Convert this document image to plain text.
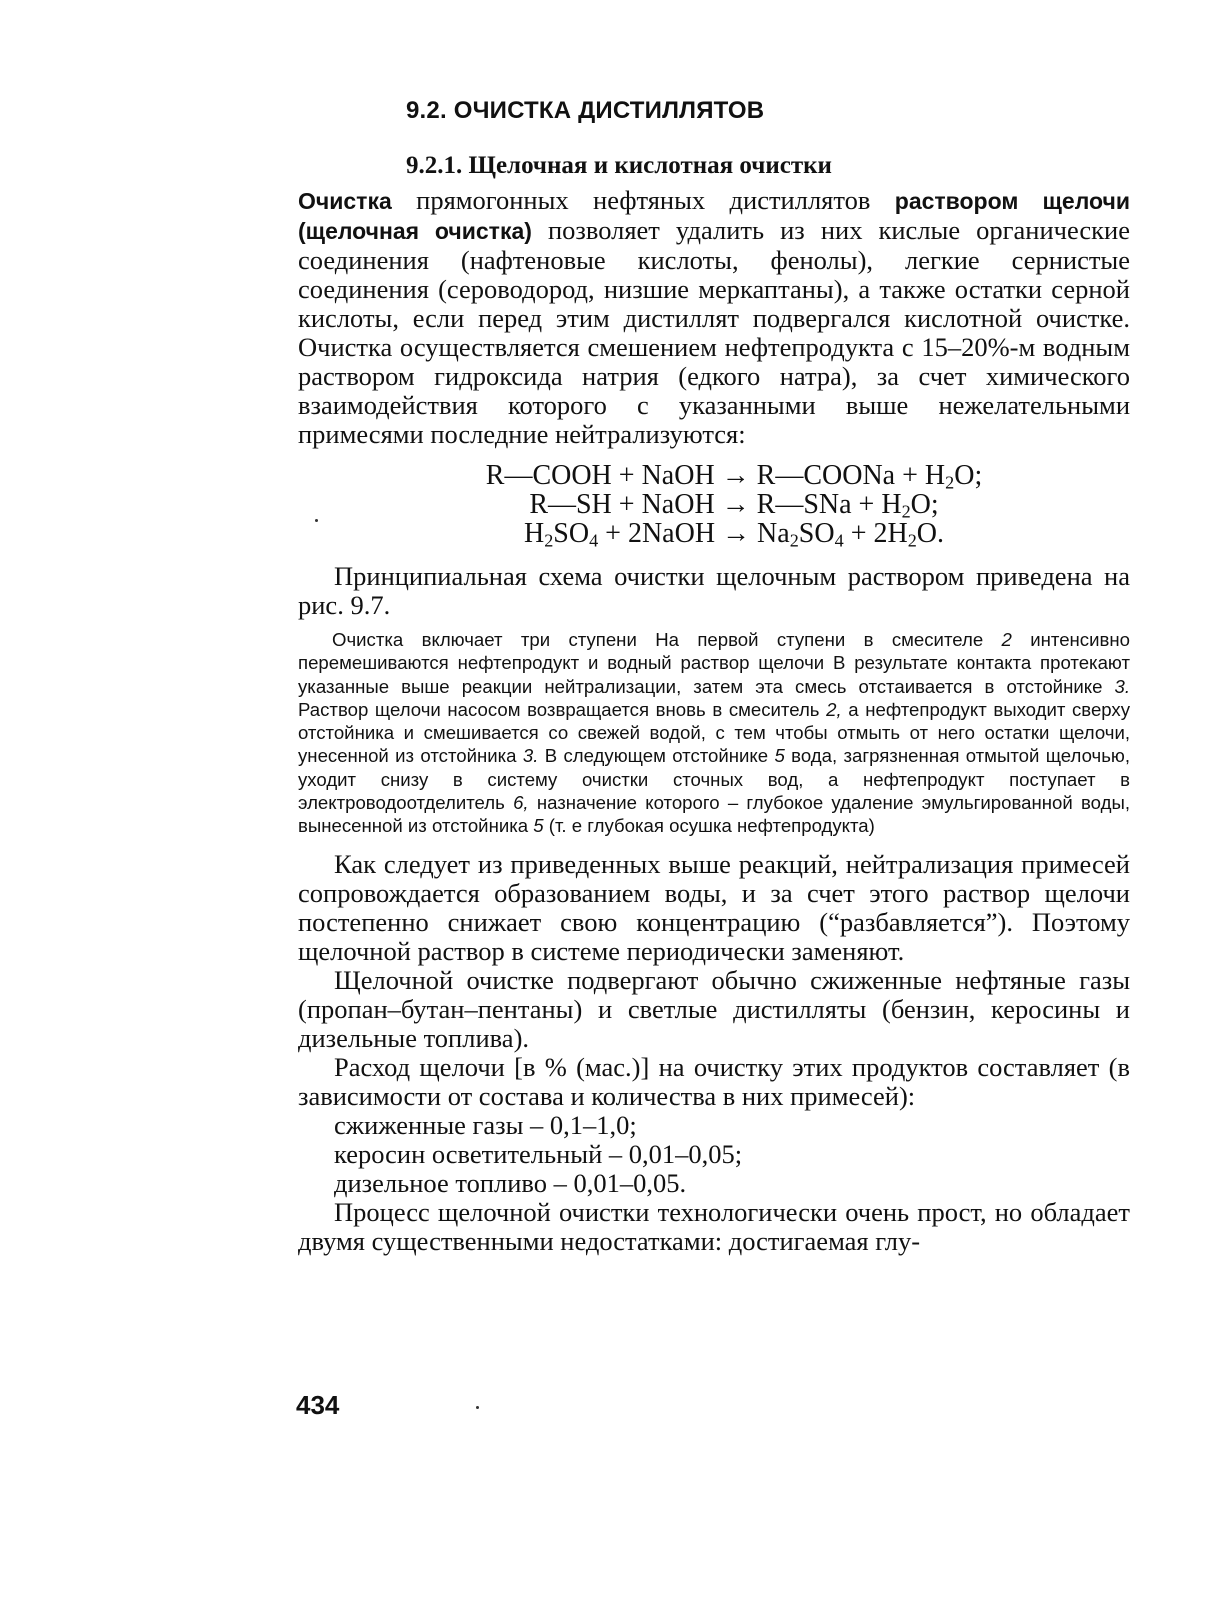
9.2. ОЧИСТКА ДИСТИЛЛЯТОВ
9.2.1. Щелочная и кислотная очистки

Очистка прямогонных нефтяных дистиллятов раствором щелочи (щелочная очистка) позволяет удалить из них кислые органические соединения (нафтеновые кислоты, фенолы), легкие сернистые соединения (сероводород, низшие меркаптаны), а также остатки серной кислоты, если перед этим дистиллят подвергался кислотной очистке. Очистка осуществляется смешением нефтепродукта с 15–20%-м водным раствором гидроксида натрия (едкого натра), за счет химического взаимодействия которого с указанными выше нежелательными примесями последние нейтрализуются:

R—COOH + NaOH → R—COONa + $H_2O$;
R—SH + NaOH → R—SNa + $H_2O$;
$H_2SO_4$ + 2NaOH → $Na_2SO_4 + 2H_2O$.

Принципиальная схема очистки щелочным раствором приведена на рис. 9.7.

Очистка включает три ступени На первой ступени в смесителе 2 интенсивно перемешиваются нефтепродукт и водный раствор щелочи В результате контакта протекают указанные выше реакции нейтрализации, затем эта смесь отстаивается в отстойнике 3. Раствор щелочи насосом возвращается вновь в смеситель 2, а нефтепродукт выходит сверху отстойника и смешивается со свежей водой, с тем чтобы отмыть от него остатки щелочи, унесенной из отстойника 3. В следующем отстойнике 5 вода, загрязненная отмытой щелочью, уходит снизу в систему очистки сточных вод, а нефтепродукт поступает в электроводоотделитель 6, назначение которого – глубокое удаление эмульгированной воды, вынесенной из отстойника 5 (т. е глубокая осушка нефтепродукта)

Как следует из приведенных выше реакций, нейтрализация примесей сопровождается образованием воды, и за счет этого раствор щелочи постепенно снижает свою концентрацию (“разбавляется”). Поэтому щелочной раствор в системе периодически заменяют.

Щелочной очистке подвергают обычно сжиженные нефтяные газы (пропан–бутан–пентаны) и светлые дистилляты (бензин, керосины и дизельные топлива).

Расход щелочи [в % (мас.)] на очистку этих продуктов составляет (в зависимости от состава и количества в них примесей):

сжиженные газы – 0,1–1,0;
керосин осветительный – 0,01–0,05;
дизельное топливо – 0,01–0,05.

Процесс щелочной очистки технологически очень прост, но обладает двумя существенными недостатками: достигаемая глу-

434
